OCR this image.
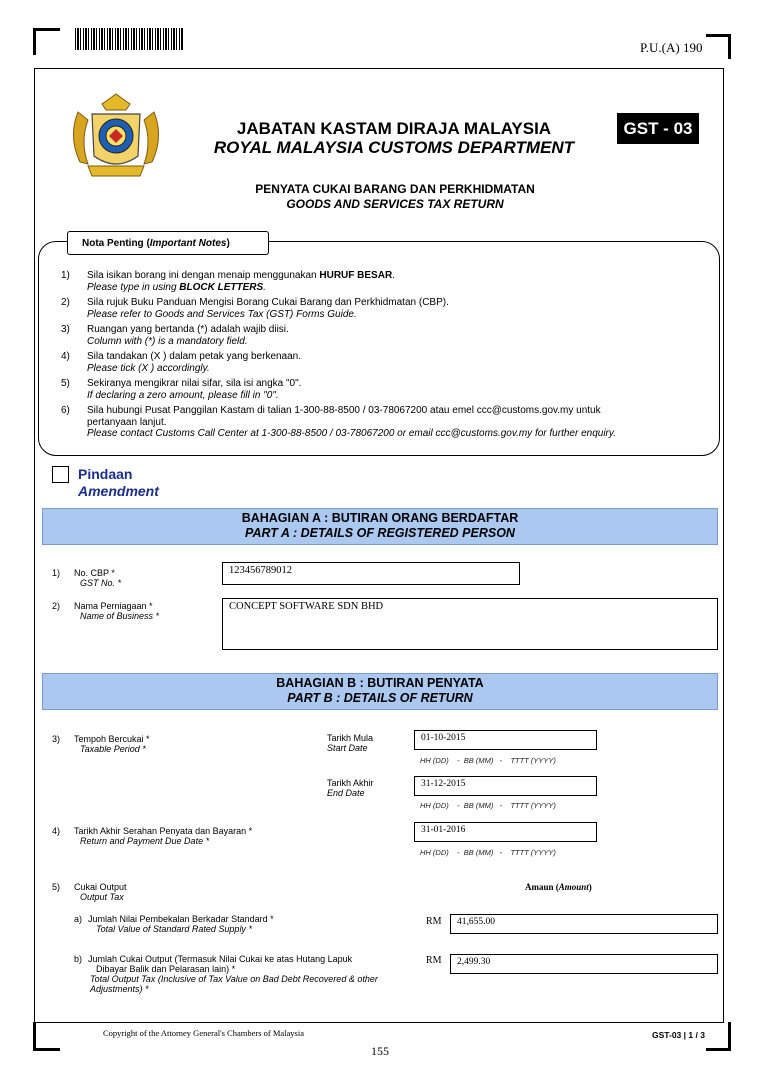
P.U.(A) 190
JABATAN KASTAM DIRAJA MALAYSIA
ROYAL MALAYSIA CUSTOMS DEPARTMENT
GST - 03
PENYATA CUKAI BARANG DAN PERKHIDMATAN
GOODS AND SERVICES TAX RETURN
Nota Penting ( Important Notes )
1)	Sila isikan borang ini dengan menaip menggunakan HURUF BESAR.
Please type in using BLOCK LETTERS.
2)	Sila rujuk Buku Panduan Mengisi Borang Cukai Barang dan Perkhidmatan (CBP).
Please refer to Goods and Services Tax (GST) Forms Guide.
3)	Ruangan yang bertanda (*) adalah wajib diisi.
Column with (*) is a mandatory field.
4)	Sila tandakan (X ) dalam petak yang berkenaan.
Please tick (X ) accordingly.
5)	Sekiranya mengikrar nilai sifar, sila isi angka "0".
If declaring a zero amount, please fill in "0".
6)	Sila hubungi Pusat Panggilan Kastam di talian 1-300-88-8500 / 03-78067200 atau emel ccc@customs.gov.my untuk
pertanyaan lanjut.
Please contact Customs Call Center at 1-300-88-8500 / 03-78067200 or email ccc@customs.gov.my for further enquiry.
Pindaan
Amendment
BAHAGIAN A : BUTIRAN ORANG BERDAFTAR
PART A : DETAILS OF REGISTERED PERSON
1)	No. CBP *
GST No. *
123456789012
2)	Nama Perniagaan *
Name of Business *
CONCEPT SOFTWARE SDN BHD
BAHAGIAN B : BUTIRAN PENYATA
PART B : DETAILS OF RETURN
3)	Tempoh Bercukai *
Taxable Period *
Tarikh Mula
Start Date
01-10-2015
HH (DD) - BB (MM) - TTTT (YYYY)
Tarikh Akhir
End Date
31-12-2015
HH (DD) - BB (MM) - TTTT (YYYY)
4)	Tarikh Akhir Serahan Penyata dan Bayaran *
Return and Payment Due Date *
31-01-2016
HH (DD) - BB (MM) - TTTT (YYYY)
5)	Cukai Output
Output Tax
Amaun (Amount)
a) Jumlah Nilai Pembekalan Berkadar Standard *
Total Value of Standard Rated Supply *
RM	41,655.00
b) Jumlah Cukai Output (Termasuk Nilai Cukai ke atas Hutang Lapuk
Dibayar Balik dan Pelarasan lain) *
Total Output Tax (Inclusive of Tax Value on Bad Debt Recovered & other
Adjustments) *
RM	2,499.30
Copyright of the Attorney General's Chambers of Malaysia	GST-03 | 1 / 3
155
